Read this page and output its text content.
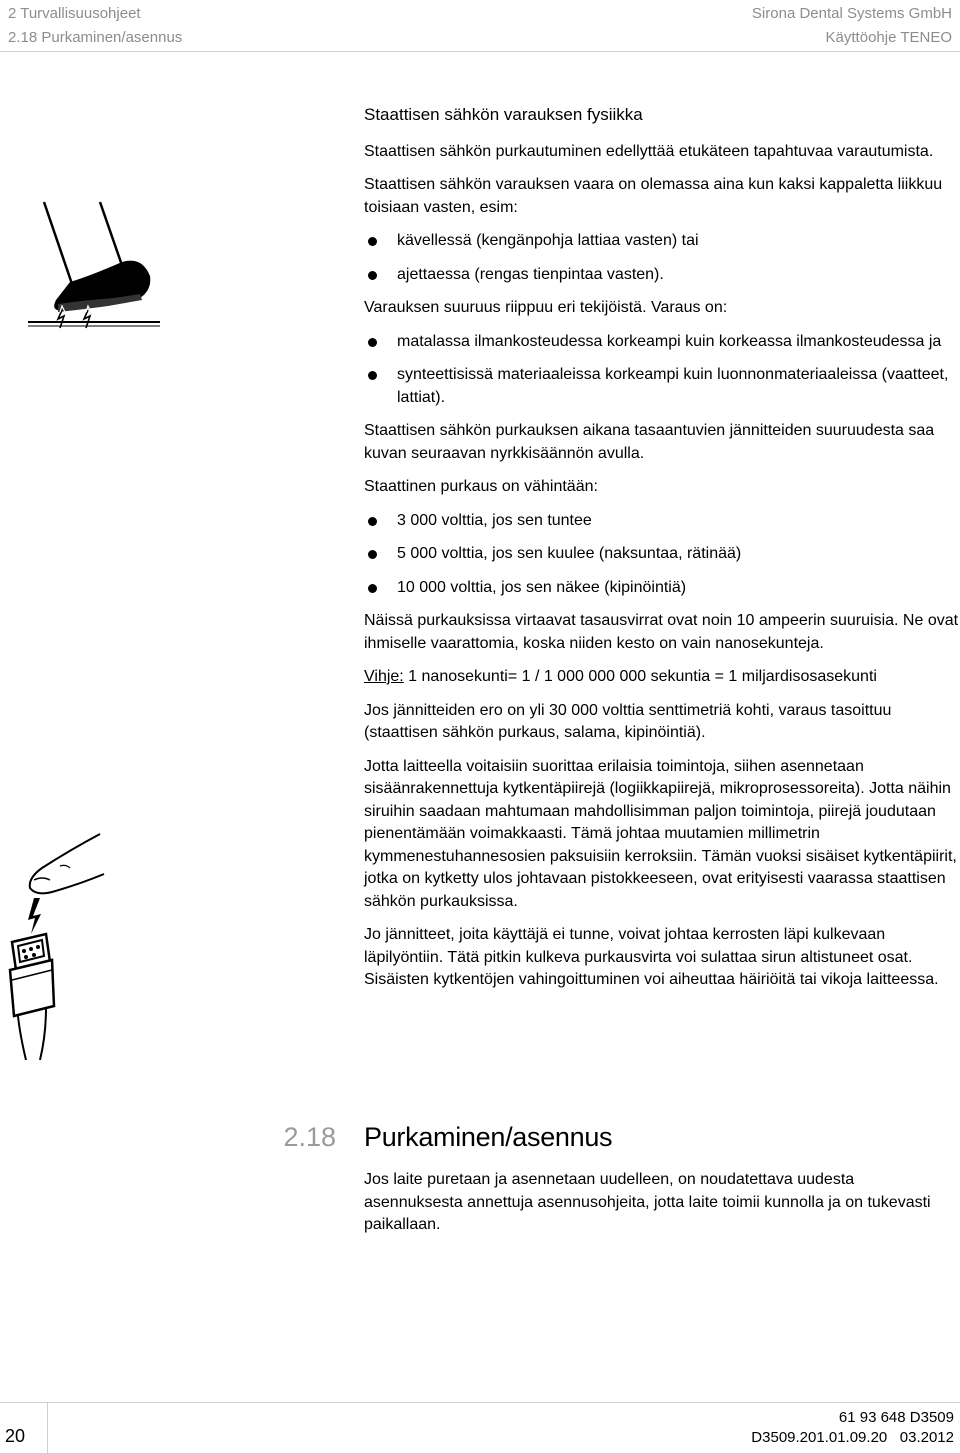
2 Turvallisuusohjeet
2.18 Purkaminen/asennus
Sirona Dental Systems GmbH
Käyttöohje TENEO
Staattisen sähkön varauksen fysiikka
Staattisen sähkön purkautuminen edellyttää etukäteen tapahtuvaa varautumista.
Staattisen sähkön varauksen vaara on olemassa aina kun kaksi kappaletta liikkuu toisiaan vasten, esim:
kävellessä (kengänpohja lattiaa vasten) tai
ajettaessa (rengas tienpintaa vasten).
Varauksen suuruus riippuu eri tekijöistä. Varaus on:
matalassa ilmankosteudessa korkeampi kuin korkeassa ilmankosteudessa ja
synteettisissä materiaaleissa korkeampi kuin luonnonmateriaaleissa (vaatteet, lattiat).
Staattisen sähkön purkauksen aikana tasaantuvien jännitteiden suuruudesta saa kuvan seuraavan nyrkkisäännön avulla.
Staattinen purkaus on vähintään:
3 000 volttia, jos sen tuntee
5 000 volttia, jos sen kuulee (naksuntaa, rätinää)
10 000 volttia, jos sen näkee (kipinöintiä)
Näissä purkauksissa virtaavat tasausvirrat ovat noin 10 ampeerin suuruisia. Ne ovat ihmiselle vaarattomia, koska niiden kesto on vain nanosekunteja.
Vihje: 1 nanosekunti= 1 / 1 000 000 000 sekuntia = 1 miljardisosasekunti
Jos jännitteiden ero on yli 30 000 volttia senttimetriä kohti, varaus tasoittuu (staattisen sähkön purkaus, salama, kipinöintiä).
Jotta laitteella voitaisiin suorittaa erilaisia toimintoja, siihen asennetaan sisäänrakennettuja kytkentäpiirejä (logiikkapiirejä, mikroprosessoreita). Jotta näihin siruihin saadaan mahtumaan mahdollisimman paljon toimintoja, piirejä joudutaan pienentämään voimakkaasti. Tämä johtaa muutamien millimetrin kymmenestuhannesosien paksuisiin kerroksiin. Tämän vuoksi sisäiset kytkentäpiirit, jotka on kytketty ulos johtavaan pistokkeeseen, ovat erityisesti vaarassa staattisen sähkön purkauksissa.
Jo jännitteet, joita käyttäjä ei tunne, voivat johtaa kerrosten läpi kulkevaan läpilyöntiin. Tätä pitkin kulkeva purkausvirta voi sulattaa sirun altistuneet osat. Sisäisten kytkentöjen vahingoittuminen voi aiheuttaa häiriöitä tai vikoja laitteessa.
2.18 Purkaminen/asennus
Jos laite puretaan ja asennetaan uudelleen, on noudatettava uudesta asennuksesta annettuja asennusohjeita, jotta laite toimii kunnolla ja on tukevasti paikallaan.
20
61 93 648 D3509
D3509.201.01.09.20 03.2012
